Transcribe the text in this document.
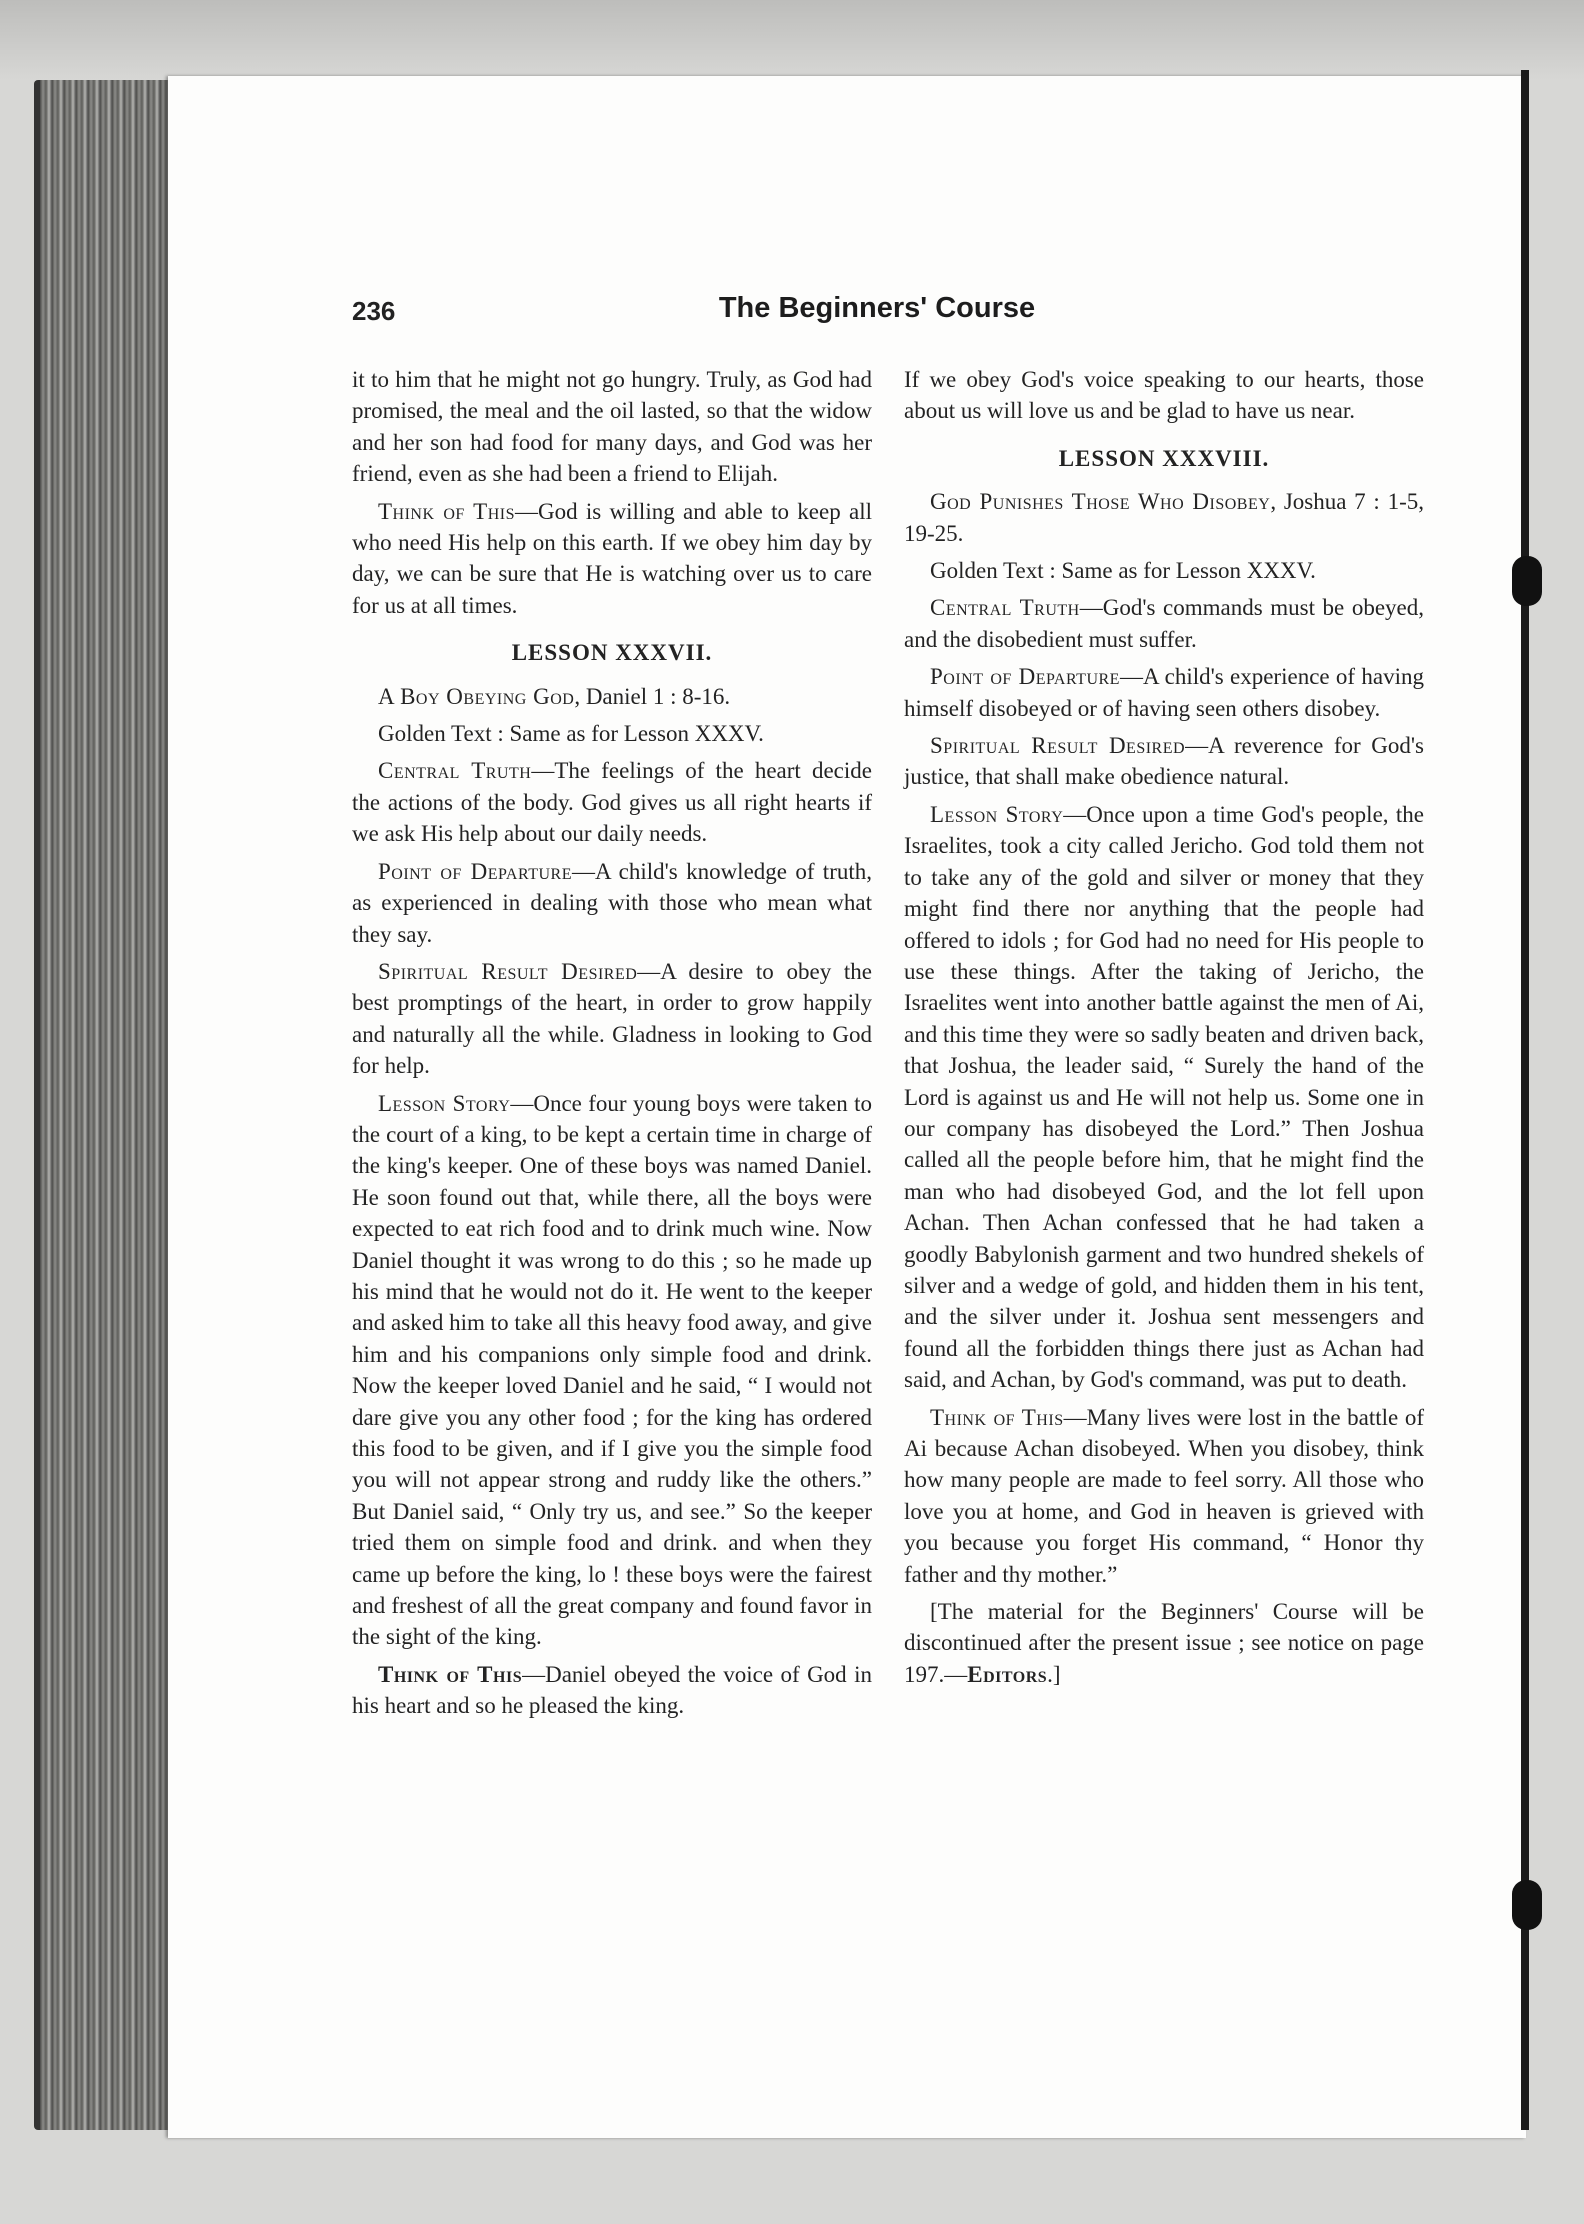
236	The Beginners' Course

it to him that he might not go hungry. Truly, as God had promised, the meal and the oil lasted, so that the widow and her son had food for many days, and God was her friend, even as she had been a friend to Elijah.

Think of This—God is willing and able to keep all who need His help on this earth. If we obey him day by day, we can be sure that He is watching over us to care for us at all times.

LESSON XXXVII.

A Boy Obeying God, Daniel 1 : 8-16.

Golden Text : Same as for Lesson XXXV.

Central Truth—The feelings of the heart decide the actions of the body. God gives us all right hearts if we ask His help about our daily needs.

Point of Departure—A child's knowledge of truth, as experienced in dealing with those who mean what they say.

Spiritual Result Desired—A desire to obey the best promptings of the heart, in order to grow happily and naturally all the while. Gladness in looking to God for help.

Lesson Story—Once four young boys were taken to the court of a king, to be kept a certain time in charge of the king's keeper. One of these boys was named Daniel. He soon found out that, while there, all the boys were expected to eat rich food and to drink much wine. Now Daniel thought it was wrong to do this ; so he made up his mind that he would not do it. He went to the keeper and asked him to take all this heavy food away, and give him and his companions only simple food and drink. Now the keeper loved Daniel and he said, “ I would not dare give you any other food ; for the king has ordered this food to be given, and if I give you the simple food you will not appear strong and ruddy like the others.” But Daniel said, “ Only try us, and see.” So the keeper tried them on simple food and drink. and when they came up before the king, lo ! these boys were the fairest and freshest of all the great company and found favor in the sight of the king.

Think of This—Daniel obeyed the voice of God in his heart and so he pleased the king.

If we obey God's voice speaking to our hearts, those about us will love us and be glad to have us near.

LESSON XXXVIII.

God Punishes Those Who Disobey, Joshua 7 : 1-5, 19-25.

Golden Text : Same as for Lesson XXXV.

Central Truth—God's commands must be obeyed, and the disobedient must suffer.

Point of Departure—A child's experience of having himself disobeyed or of having seen others disobey.

Spiritual Result Desired—A reverence for God's justice, that shall make obedience natural.

Lesson Story—Once upon a time God's people, the Israelites, took a city called Jericho. God told them not to take any of the gold and silver or money that they might find there nor anything that the people had offered to idols ; for God had no need for His people to use these things. After the taking of Jericho, the Israelites went into another battle against the men of Ai, and this time they were so sadly beaten and driven back, that Joshua, the leader said, “ Surely the hand of the Lord is against us and He will not help us. Some one in our company has disobeyed the Lord.” Then Joshua called all the people before him, that he might find the man who had disobeyed God, and the lot fell upon Achan. Then Achan confessed that he had taken a goodly Babylonish garment and two hundred shekels of silver and a wedge of gold, and hidden them in his tent, and the silver under it. Joshua sent messengers and found all the forbidden things there just as Achan had said, and Achan, by God's command, was put to death.

Think of This—Many lives were lost in the battle of Ai because Achan disobeyed. When you disobey, think how many people are made to feel sorry. All those who love you at home, and God in heaven is grieved with you because you forget His command, “ Honor thy father and thy mother.”

[The material for the Beginners' Course will be discontinued after the present issue ; see notice on page 197.—Editors.]
